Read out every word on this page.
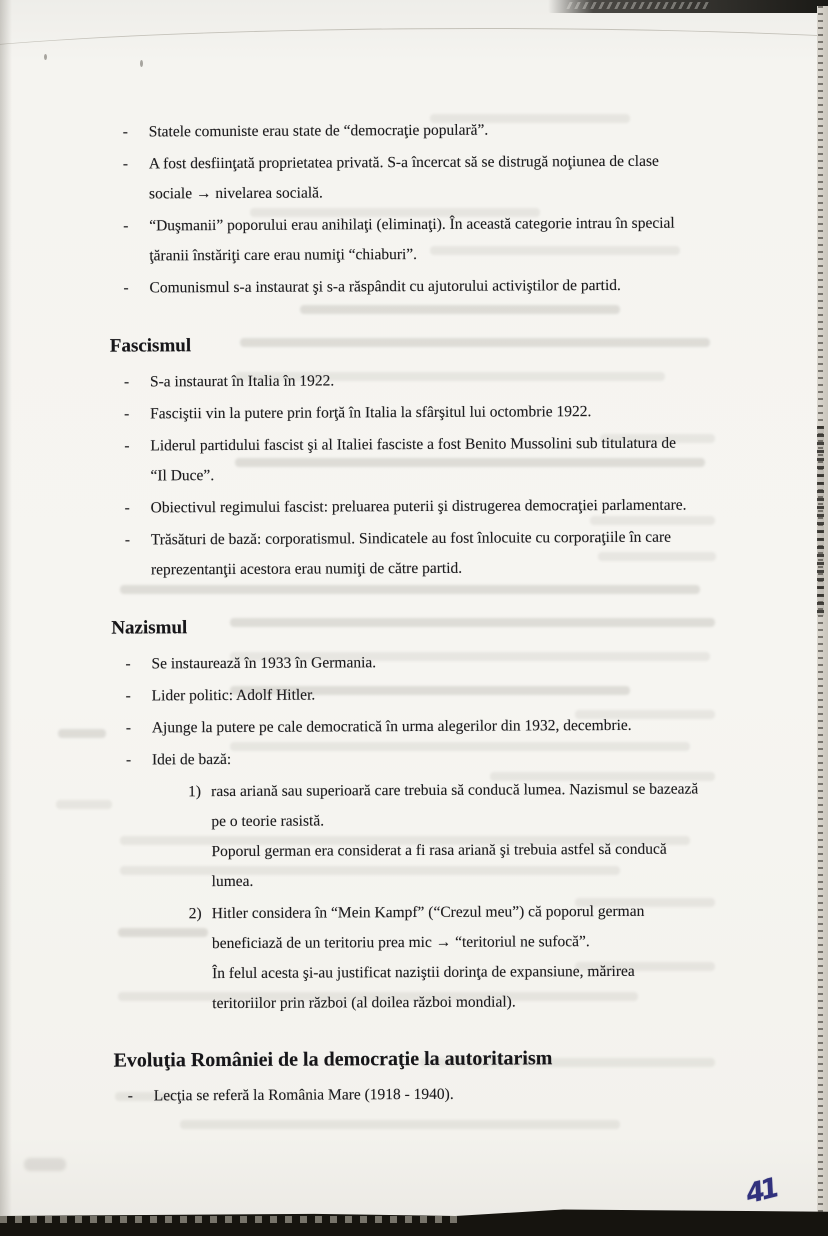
-	Statele comuniste erau state de “democraţie populară”.
-	A fost desfiinţată proprietatea privată. S-a încercat să se distrugă noţiunea de clase
sociale → nivelarea socială.
-	“Duşmanii” poporului erau anihilaţi (eliminaţi). În această categorie intrau în special
ţăranii înstăriţi care erau numiţi “chiaburi”.
-	Comunismul s-a instaurat şi s-a răspândit cu ajutorului activiştilor de partid.
Fascismul
-	S-a instaurat în Italia în 1922.
-	Fasciştii vin la putere prin forţă în Italia la sfârşitul lui octombrie 1922.
-	Liderul partidului fascist şi al Italiei fasciste a fost Benito Mussolini sub titulatura de
“Il Duce”.
-	Obiectivul regimului fascist: preluarea puterii şi distrugerea democraţiei parlamentare.
-	Trăsături de bază: corporatismul. Sindicatele au fost înlocuite cu corporaţiile în care
reprezentanţii acestora erau numiţi de către partid.
Nazismul
-	Se instaurează în 1933 în Germania.
-	Lider politic: Adolf Hitler.
-	Ajunge la putere pe cale democratică în urma alegerilor din 1932, decembrie.
-	Idei de bază:
1) rasa ariană sau superioară care trebuia să conducă lumea. Nazismul se bazează
pe o teorie rasistă.
Poporul german era considerat a fi rasa ariană şi trebuia astfel să conducă
lumea.
2) Hitler considera în “Mein Kampf” (“Crezul meu”) că poporul german
beneficiază de un teritoriu prea mic → “teritoriul ne sufocă”.
În felul acesta şi-au justificat naziştii dorinţa de expansiune, mărirea
teritoriilor prin război (al doilea război mondial).
Evoluţia României de la democraţie la autoritarism
-	Lecţia se referă la România Mare (1918 - 1940).
41
